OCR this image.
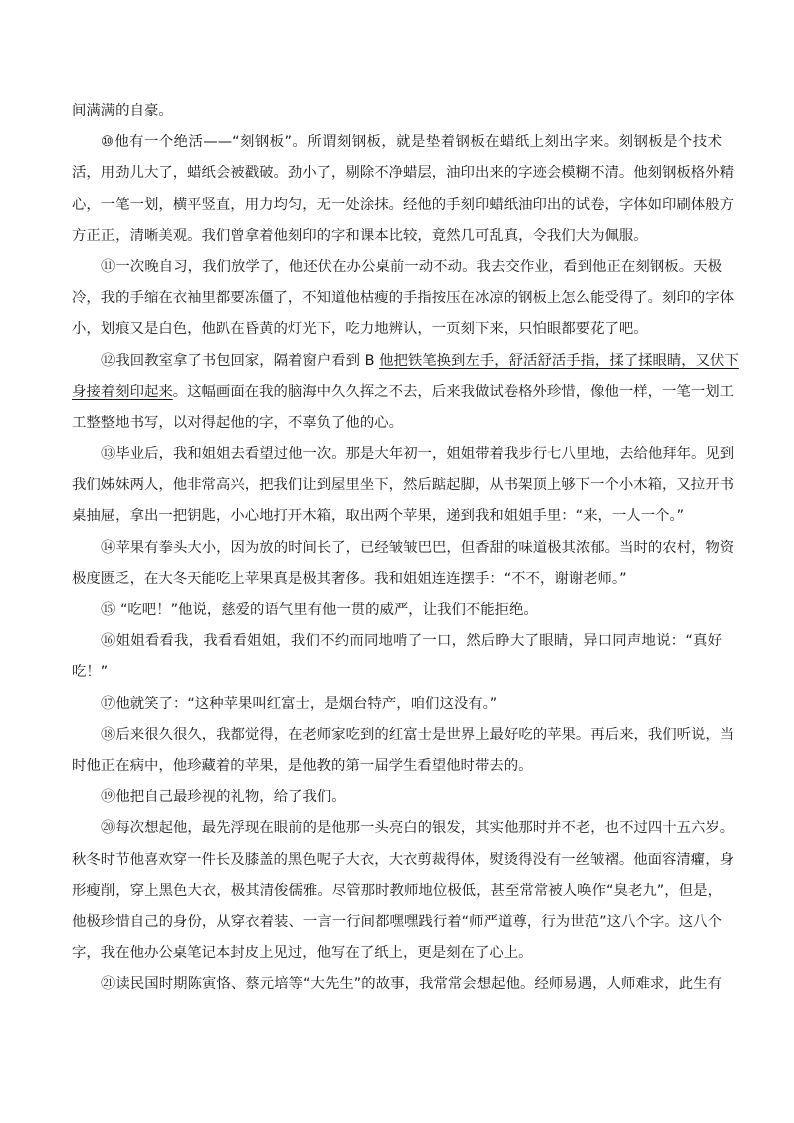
间满满的自豪。
⑩他有一个绝活——“刻钢板”。所谓刻钢板，就是垫着钢板在蜡纸上刻出字来。刻钢板是个技术
活，用劲儿大了，蜡纸会被戳破。劲小了，剔除不净蜡层，油印出来的字迹会模糊不清。他刻钢板格外精
心，一笔一划，横平竖直，用力均匀，无一处涂抹。经他的手刻印蜡纸油印出的试卷，字体如印刷体般方
方正正，清晰美观。我们曾拿着他刻印的字和课本比较，竟然几可乱真，令我们大为佩服。
⑪一次晚自习，我们放学了，他还伏在办公桌前一动不动。我去交作业，看到他正在刻钢板。天极
冷，我的手缩在衣袖里都要冻僵了，不知道他枯瘦的手指按压在冰凉的钢板上怎么能受得了。刻印的字体
小，划痕又是白色，他趴在昏黄的灯光下，吃力地辨认，一页刻下来，只怕眼都要花了吧。
⑫我回教室拿了书包回家，隔着窗户看到 B 他把铁笔换到左手，舒活舒活手指，揉了揉眼睛，又伏下
身接着刻印起来。这幅画面在我的脑海中久久挥之不去，后来我做试卷格外珍惜，像他一样，一笔一划工
工整整地书写，以对得起他的字，不辜负了他的心。
⑬毕业后，我和姐姐去看望过他一次。那是大年初一，姐姐带着我步行七八里地，去给他拜年。见到
我们姊妹两人，他非常高兴，把我们让到屋里坐下，然后踮起脚，从书架顶上够下一个小木箱，又拉开书
桌抽屉，拿出一把钥匙，小心地打开木箱，取出两个苹果，递到我和姐姐手里：“来，一人一个。”
⑭苹果有拳头大小，因为放的时间长了，已经皱皱巴巴，但香甜的味道极其浓郁。当时的农村，物资
极度匮乏，在大冬天能吃上苹果真是极其奢侈。我和姐姐连连摆手：“不不，谢谢老师。”
⑮ “吃吧！”他说，慈爱的语气里有他一贯的威严，让我们不能拒绝。
⑯姐姐看看我，我看看姐姐，我们不约而同地啃了一口，然后睁大了眼睛，异口同声地说：“真好
吃！”
⑰他就笑了：“这种苹果叫红富士，是烟台特产，咱们这没有。”
⑱后来很久很久，我都觉得，在老师家吃到的红富士是世界上最好吃的苹果。再后来，我们听说，当
时他正在病中，他珍藏着的苹果，是他教的第一届学生看望他时带去的。
⑲他把自己最珍视的礼物，给了我们。
⑳每次想起他，最先浮现在眼前的是他那一头亮白的银发，其实他那时并不老，也不过四十五六岁。
秋冬时节他喜欢穿一件长及膝盖的黑色呢子大衣，大衣剪裁得体，熨烫得没有一丝皱褶。他面容清癯，身
形瘦削，穿上黑色大衣，极其清俊儒雅。尽管那时教师地位极低，甚至常常被人唤作“臭老九”，但是，
他极珍惜自己的身份，从穿衣着装、一言一行间都嘿嘿践行着“师严道尊，行为世范”这八个字。这八个
字，我在他办公桌笔记本封皮上见过，他写在了纸上，更是刻在了心上。
㉑读民国时期陈寅恪、蔡元培等“大先生”的故事，我常常会想起他。经师易遇，人师难求，此生有
